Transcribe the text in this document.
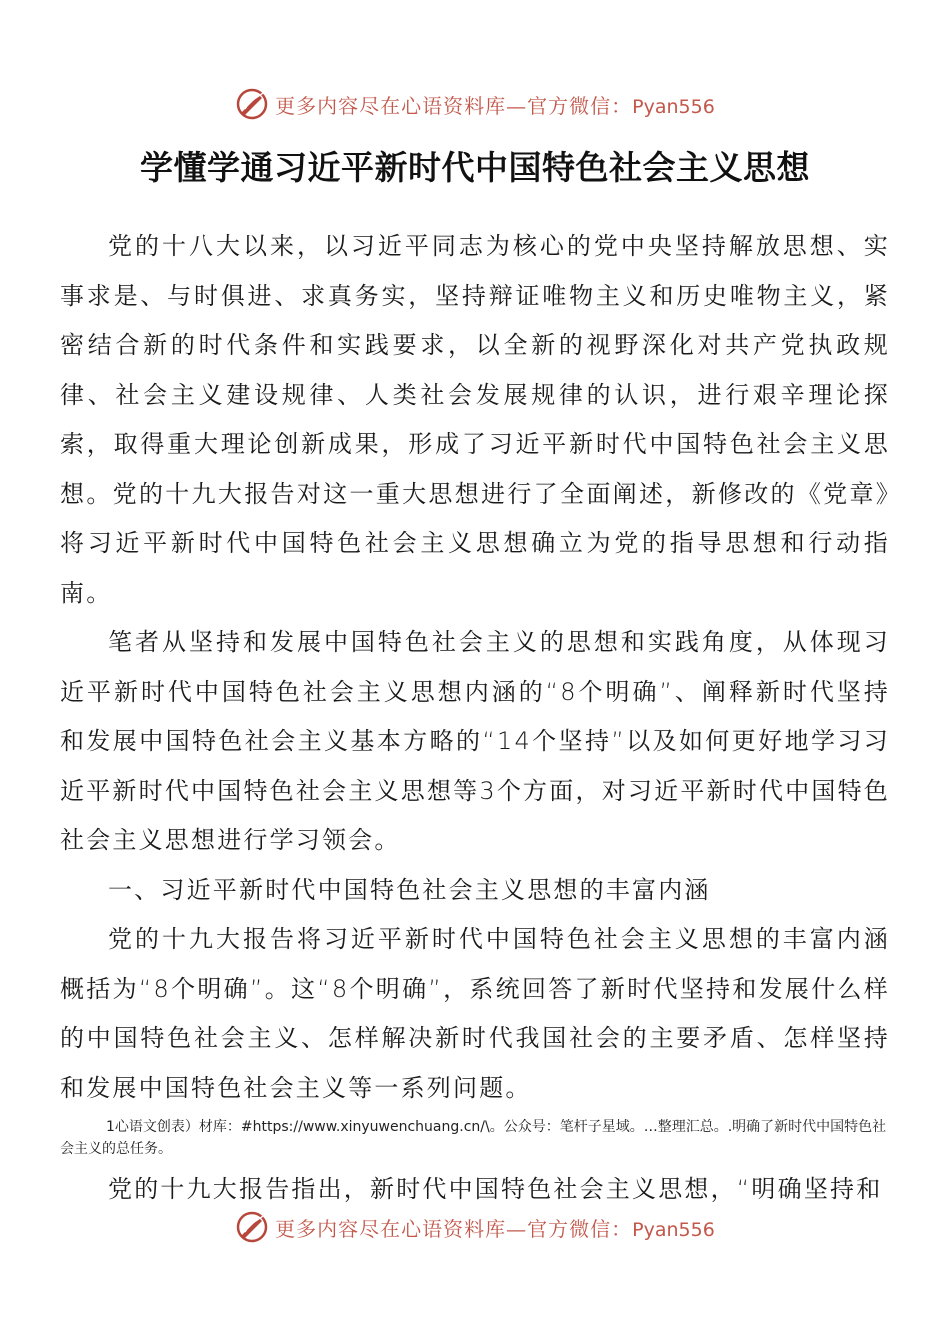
更多内容尽在心语资料库—官方微信：Pyan556
学懂学通习近平新时代中国特色社会主义思想

党的十八大以来，以习近平同志为核心的党中央坚持解放思想、实事求是、与时俱进、求真务实，坚持辩证唯物主义和历史唯物主义，紧密结合新的时代条件和实践要求，以全新的视野深化对共产党执政规律、社会主义建设规律、人类社会发展规律的认识，进行艰辛理论探索，取得重大理论创新成果，形成了习近平新时代中国特色社会主义思想。党的十九大报告对这一重大思想进行了全面阐述，新修改的《党章》将习近平新时代中国特色社会主义思想确立为党的指导思想和行动指南。

笔者从坚持和发展中国特色社会主义的思想和实践角度，从体现习近平新时代中国特色社会主义思想内涵的“8个明确”、阐释新时代坚持和发展中国特色社会主义基本方略的“14个坚持”以及如何更好地学习习近平新时代中国特色社会主义思想等3个方面，对习近平新时代中国特色社会主义思想进行学习领会。

一、习近平新时代中国特色社会主义思想的丰富内涵

党的十九大报告将习近平新时代中国特色社会主义思想的丰富内涵概括为“8个明确”。这“8个明确”，系统回答了新时代坚持和发展什么样的中国特色社会主义、怎样解决新时代我国社会的主要矛盾、怎样坚持和发展中国特色社会主义等一系列问题。

1心语文创表）材库：#https://www.xinyuwenchuang.cn/\。公众号：笔杆子星域。…整理汇总。.明确了新时代中国特色社会主义的总任务。

党的十九大报告指出，新时代中国特色社会主义思想，“明确坚持和

更多内容尽在心语资料库—官方微信：Pyan556
